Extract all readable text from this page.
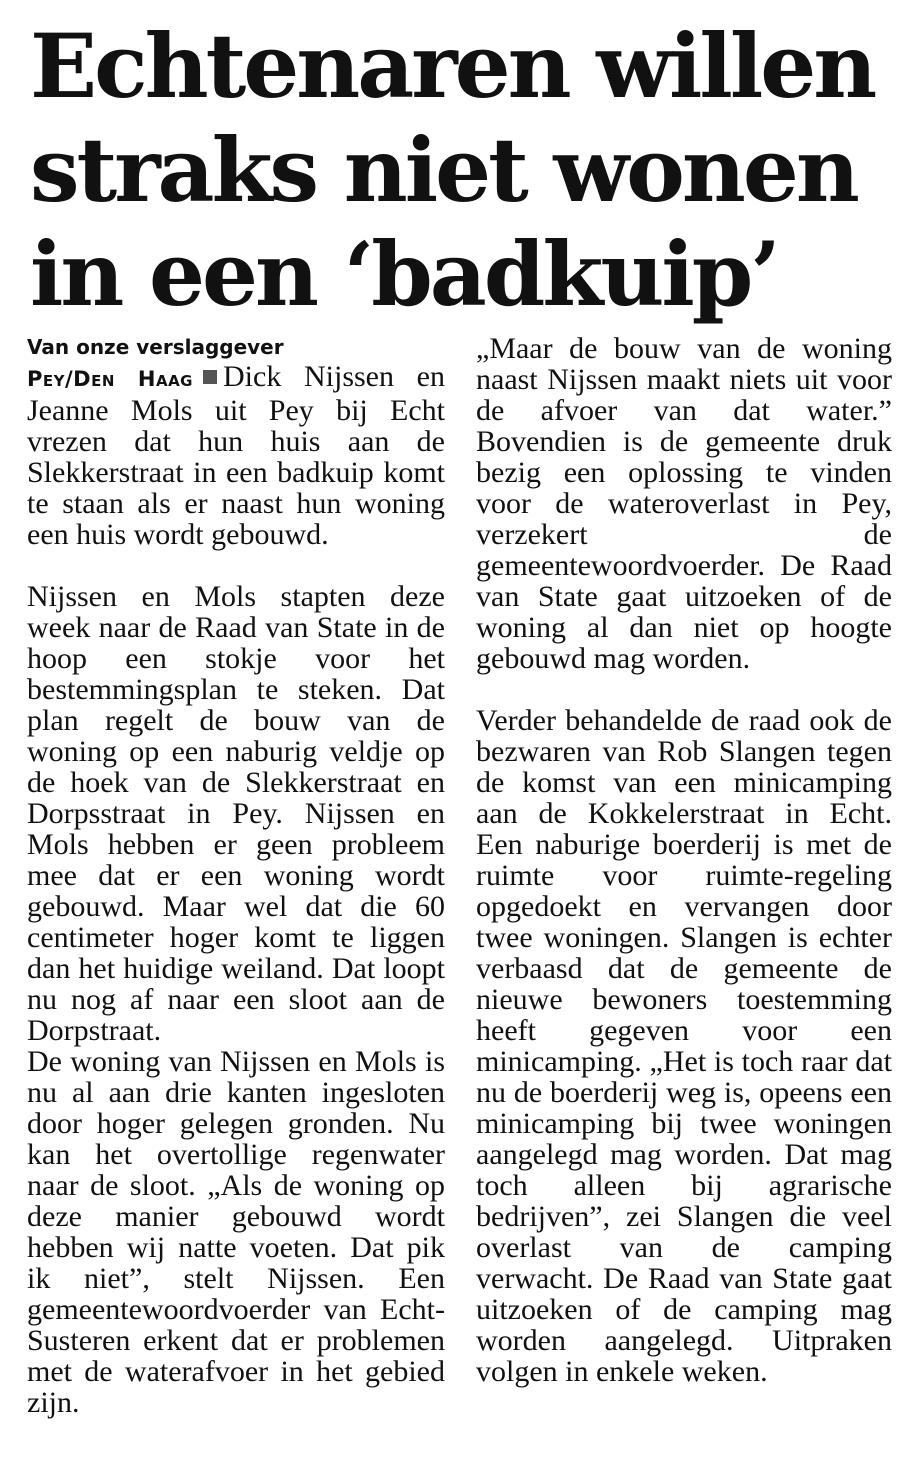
Echtenaren willen
straks niet wonen
in een ‘badkuip’
Van onze verslaggever

Pey/Den Haag Dick Nijssen en Jeanne Mols uit Pey bij Echt vrezen dat hun huis aan de Slekkerstraat in een badkuip komt te staan als er naast hun woning een huis wordt gebouwd.

Nijssen en Mols stapten deze week naar de Raad van State in de hoop een stokje voor het bestemmingsplan te steken. Dat plan regelt de bouw van de woning op een naburig veldje op de hoek van de Slekkerstraat en Dorpsstraat in Pey. Nijssen en Mols hebben er geen probleem mee dat er een woning wordt gebouwd. Maar wel dat die 60 centimeter hoger komt te liggen dan het huidige weiland. Dat loopt nu nog af naar een sloot aan de Dorpstraat.

De woning van Nijssen en Mols is nu al aan drie kanten ingesloten door hoger gelegen gronden. Nu kan het overtollige regenwater naar de sloot. „Als de woning op deze manier gebouwd wordt hebben wij natte voeten. Dat pik ik niet”, stelt Nijssen. Een gemeentewoordvoerder van Echt-Susteren erkent dat er problemen met de waterafvoer in het gebied zijn.

„Maar de bouw van de woning naast Nijssen maakt niets uit voor de afvoer van dat water.” Bovendien is de gemeente druk bezig een oplossing te vinden voor de wateroverlast in Pey, verzekert de gemeentewoordvoerder. De Raad van State gaat uitzoeken of de woning al dan niet op hoogte gebouwd mag worden.

Verder behandelde de raad ook de bezwaren van Rob Slangen tegen de komst van een minicamping aan de Kokkelerstraat in Echt. Een naburige boerderij is met de ruimte voor ruimte-regeling opgedoekt en vervangen door twee woningen. Slangen is echter verbaasd dat de gemeente de nieuwe bewoners toestemming heeft gegeven voor een minicamping. „Het is toch raar dat nu de boerderij weg is, opeens een minicamping bij twee woningen aangelegd mag worden. Dat mag toch alleen bij agrarische bedrijven”, zei Slangen die veel overlast van de camping verwacht. De Raad van State gaat uitzoeken of de camping mag worden aangelegd. Uitpraken volgen in enkele weken.
